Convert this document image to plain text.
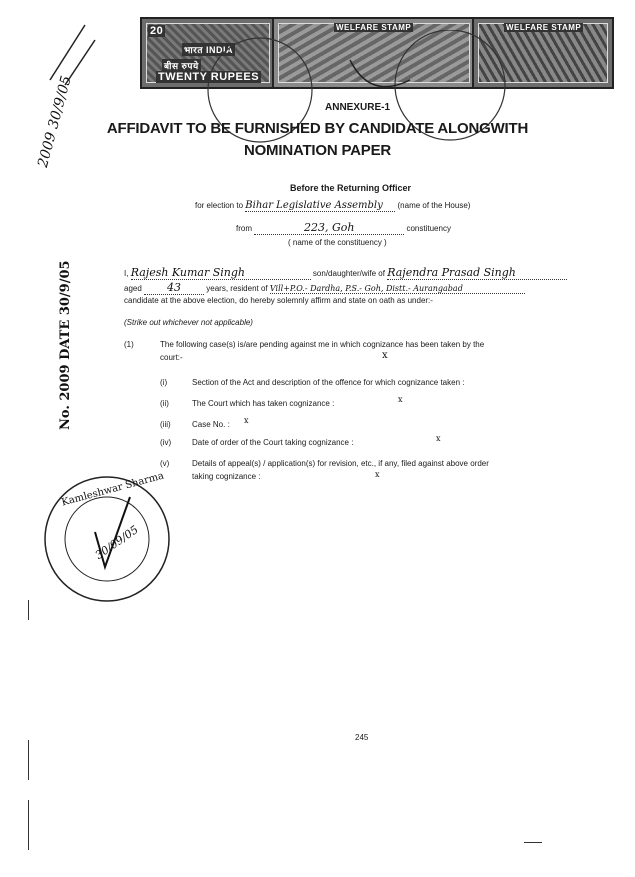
20
भारत INDIA
बीस रुपये
TWENTY RUPEES
WELFARE STAMP	WELFARE STAMP
2009 30/9/05
No. 2009 DATE 30/9/05
ANNEXURE-1
AFFIDAVIT TO BE FURNISHED BY CANDIDATE ALONGWITH
NOMINATION PAPER
Before the Returning Officer
for election to Bihar Legislative Assembly (name of the House)
from	223, Goh	constituency
( name of the constituency )
I, Rajesh Kumar Singh	son/daughter/wife of Rajendra Prasad Singh
aged 43	years, resident of Vill+P.O.- Dardha, P.S.- Goh, Distt.- Aurangabad
candidate at the above election, do hereby solemnly affirm and state on oath as under:-
(Strike out whichever not applicable)
(1)	The following case(s) is/are pending against me in which cognizance has been taken by the
court:-	x
(i)	Section of the Act and description of the offence for which cognizance taken :
(ii)	The Court which has taken cognizance :	x
(iii)	Case No. : x
(iv)	Date of order of the Court taking cognizance :	x
(v)	Details of appeal(s) / application(s) for revision, etc., if any, filed against above order
taking cognizance :	x
Kamleshwar Sharma
30/09/05
245
